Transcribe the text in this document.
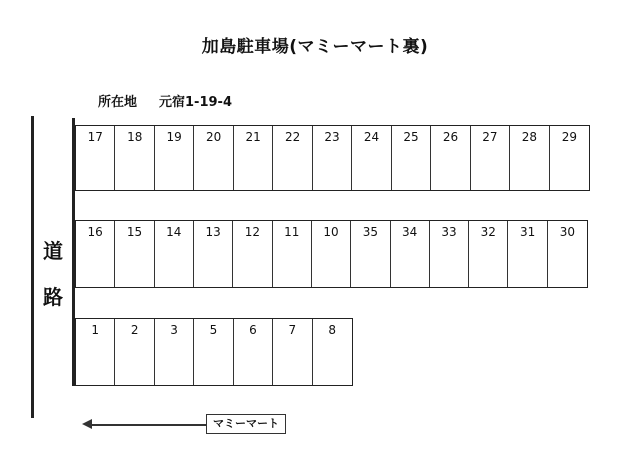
加島駐車場(マミーマート裏)
所在地 元宿1-19-4
道
路
17	18	19	20	21	22	23	24	25	26	27	28	29
16	15	14	13	12	11	10	35	34	33	32	31	30
1	2	3	5	6	7	8
マミーマート
